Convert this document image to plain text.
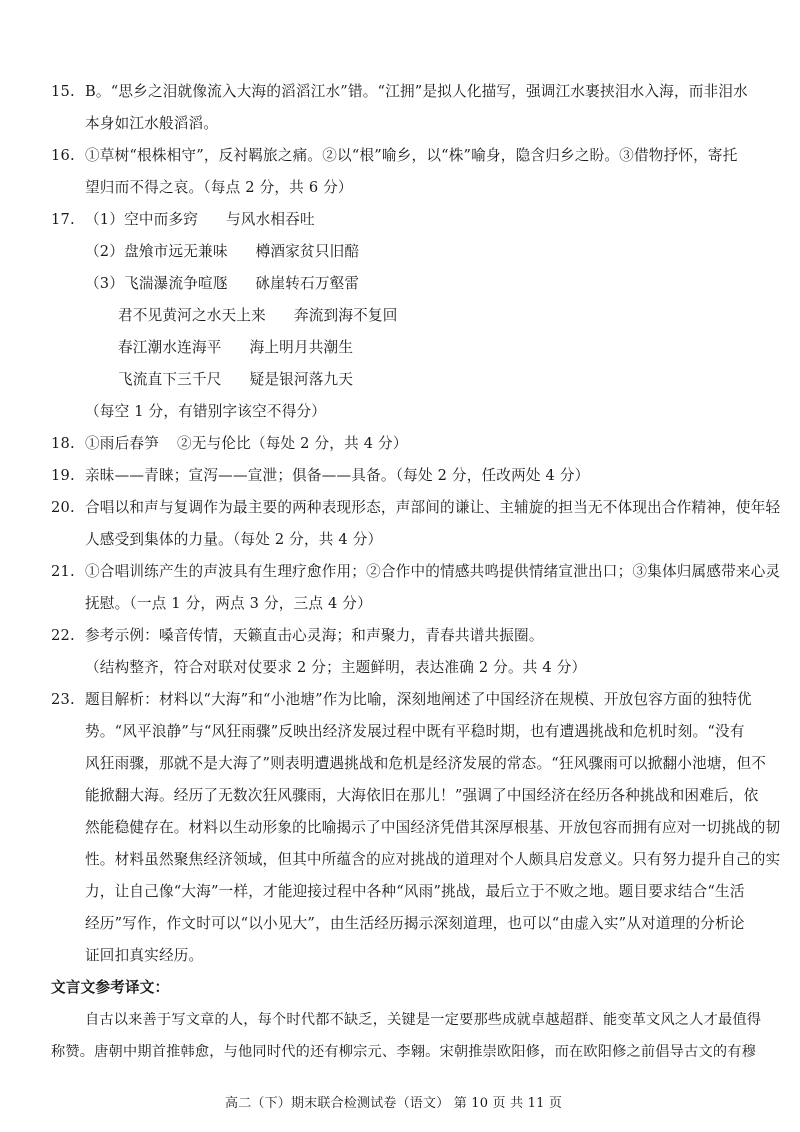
15. B。“思乡之泪就像流入大海的滔滔江水”错。“江拥”是拟人化描写，强调江水裹挟泪水入海，而非泪水
本身如江水般滔滔。
16. ①草树“根株相守”，反衬羁旅之痛。②以“根”喻乡，以“株”喻身，隐含归乡之盼。③借物抒怀，寄托
望归而不得之哀。（每点 2 分，共 6 分）
17. （1）空中而多窍 与风水相吞吐
（2）盘飧市远无兼味 樽酒家贫只旧醅
（3）飞湍瀑流争喧豗 砯崖转石万壑雷
君不见黄河之水天上来 奔流到海不复回
春江潮水连海平 海上明月共潮生
飞流直下三千尺 疑是银河落九天
（每空 1 分，有错别字该空不得分）
18. ①雨后春笋 ②无与伦比（每处 2 分，共 4 分）
19. 亲昧——青睐；宣泻——宣泄；俱备——具备。（每处 2 分，任改两处 4 分）
20. 合唱以和声与复调作为最主要的两种表现形态，声部间的谦让、主辅旋的担当无不体现出合作精神，使年轻
人感受到集体的力量。（每处 2 分，共 4 分）
21. ①合唱训练产生的声波具有生理疗愈作用；②合作中的情感共鸣提供情绪宣泄出口；③集体归属感带来心灵
抚慰。（一点 1 分，两点 3 分，三点 4 分）
22. 参考示例：嗓音传情，天籁直击心灵海；和声聚力，青春共谱共振圈。
（结构整齐，符合对联对仗要求 2 分；主题鲜明，表达准确 2 分。共 4 分）
23. 题目解析：材料以“大海”和“小池塘”作为比喻，深刻地阐述了中国经济在规模、开放包容方面的独特优
势。“风平浪静”与“风狂雨骤”反映出经济发展过程中既有平稳时期，也有遭遇挑战和危机时刻。“没有
风狂雨骤，那就不是大海了”则表明遭遇挑战和危机是经济发展的常态。“狂风骤雨可以掀翻小池塘，但不
能掀翻大海。经历了无数次狂风骤雨，大海依旧在那儿！”强调了中国经济在经历各种挑战和困难后，依
然能稳健存在。材料以生动形象的比喻揭示了中国经济凭借其深厚根基、开放包容而拥有应对一切挑战的韧
性。材料虽然聚焦经济领域，但其中所蕴含的应对挑战的道理对个人颇具启发意义。只有努力提升自己的实
力，让自己像“大海”一样，才能迎接过程中各种“风雨”挑战，最后立于不败之地。题目要求结合“生活
经历”写作，作文时可以“以小见大”，由生活经历揭示深刻道理，也可以“由虚入实”从对道理的分析论
证回扣真实经历。
文言文参考译文：
自古以来善于写文章的人，每个时代都不缺乏，关键是一定要那些成就卓越超群、能变革文风之人才最值得
称赞。唐朝中期首推韩愈，与他同时代的还有柳宗元、李翱。宋朝推崇欧阳修，而在欧阳修之前倡导古文的有穆
高二（下）期末联合检测试卷（语文） 第 10 页 共 11 页
